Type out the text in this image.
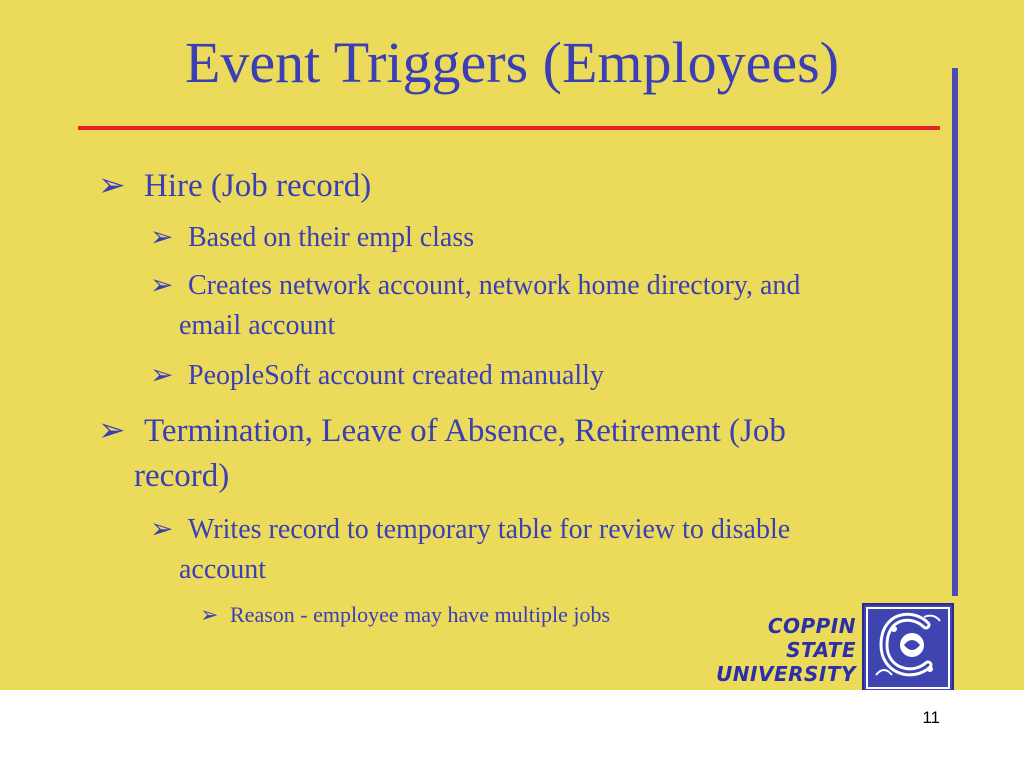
Event Triggers (Employees)
➢ Hire (Job record)
➢ Based on their empl class
➢ Creates network account, network home directory, and
email account
➢ PeopleSoft account created manually
➢ Termination, Leave of Absence, Retirement (Job
record)
➢ Writes record to temporary table for review to disable
account
➢ Reason - employee may have multiple jobs	COPPIN
STATE
UNIVERSITY
11
